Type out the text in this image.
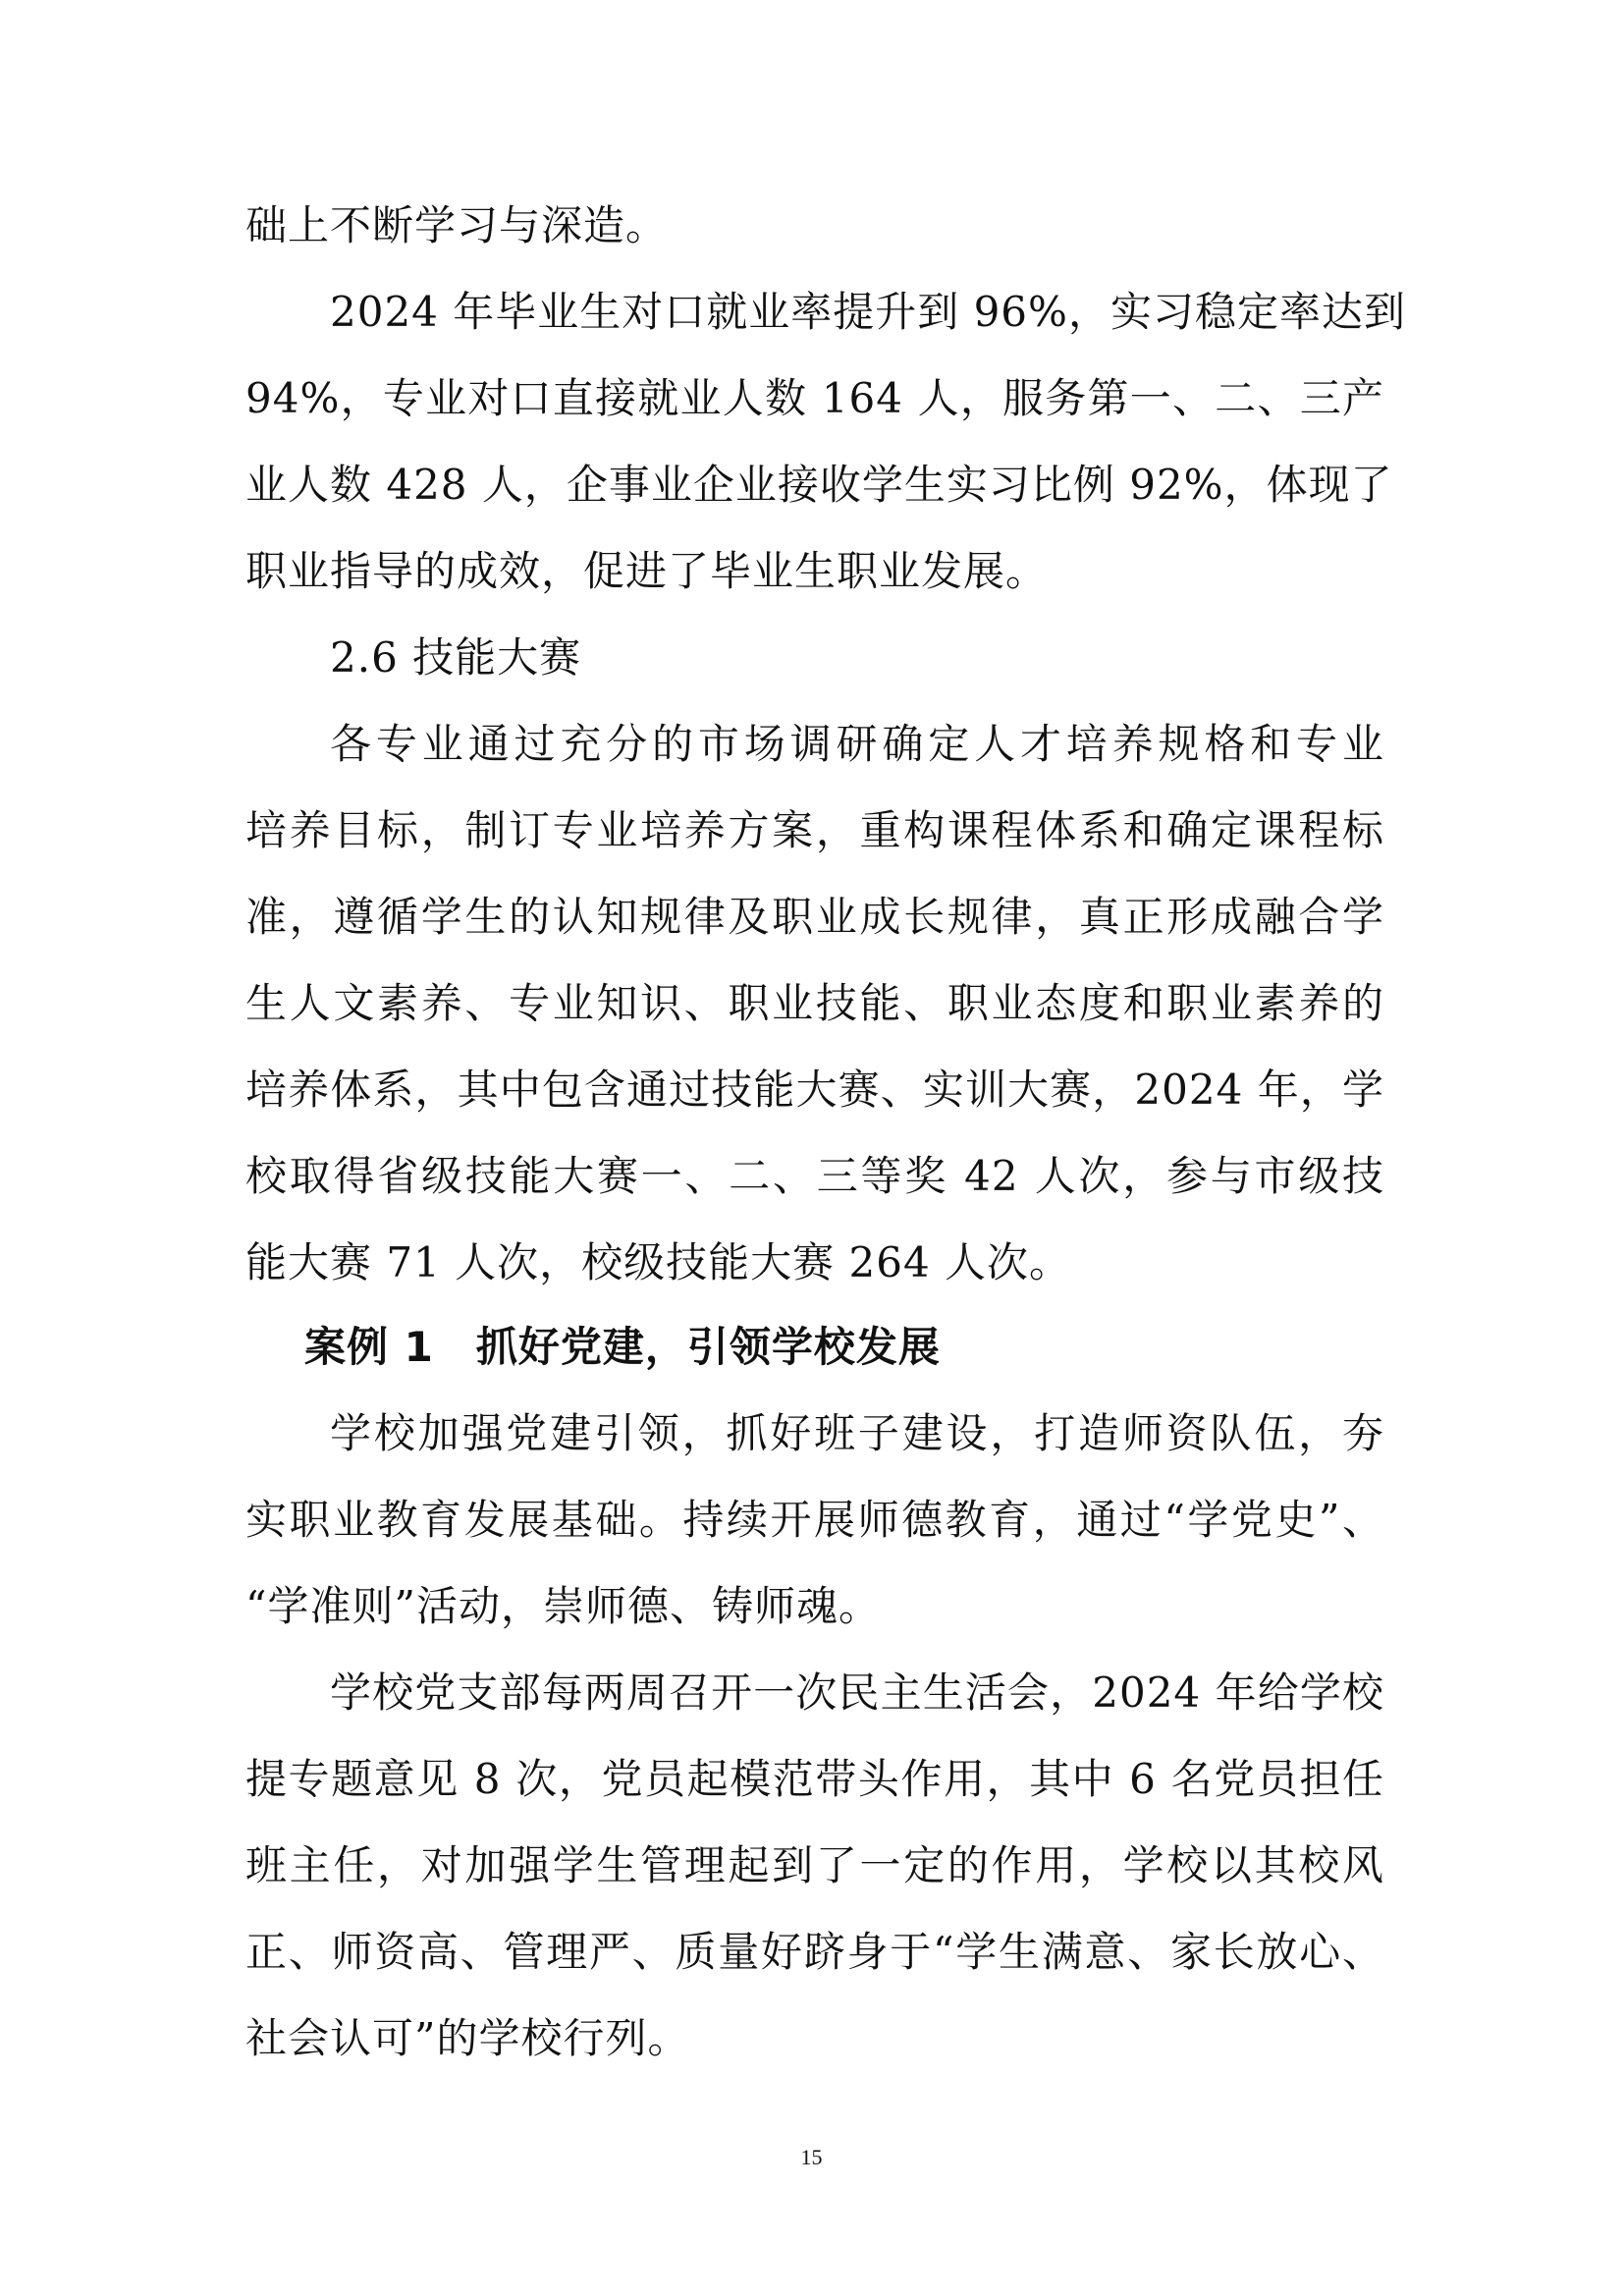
础上不断学习与深造。
2024 年毕业生对口就业率提升到 96%，实习稳定率达到
94%，专业对口直接就业人数 164 人，服务第一、二、三产
业人数 428 人，企事业企业接收学生实习比例 92%，体现了
职业指导的成效，促进了毕业生职业发展。
2.6 技能大赛
各专业通过充分的市场调研确定人才培养规格和专业
培养目标，制订专业培养方案，重构课程体系和确定课程标
准，遵循学生的认知规律及职业成长规律，真正形成融合学
生人文素养、专业知识、职业技能、职业态度和职业素养的
培养体系，其中包含通过技能大赛、实训大赛，2024 年，学
校取得省级技能大赛一、二、三等奖 42 人次，参与市级技
能大赛 71 人次，校级技能大赛 264 人次。
案例 1　抓好党建，引领学校发展
学校加强党建引领，抓好班子建设，打造师资队伍，夯
实职业教育发展基础。持续开展师德教育，通过“学党史”、
“学准则”活动，崇师德、铸师魂。
学校党支部每两周召开一次民主生活会，2024 年给学校
提专题意见 8 次，党员起模范带头作用，其中 6 名党员担任
班主任，对加强学生管理起到了一定的作用，学校以其校风
正、师资高、管理严、质量好跻身于“学生满意、家长放心、
社会认可”的学校行列。
15
